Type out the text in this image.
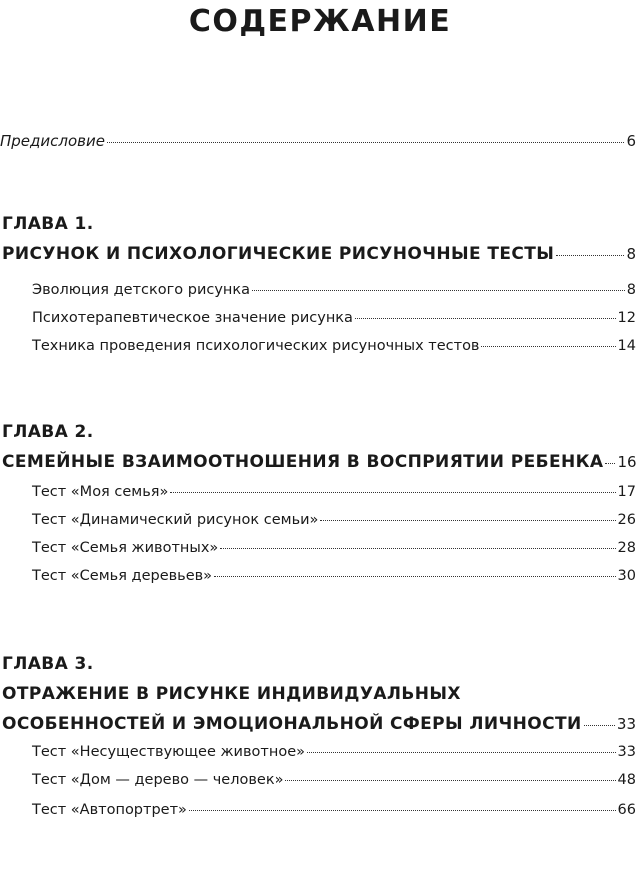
СОДЕРЖАНИЕ
Предисловие	6
ГЛАВА 1.
РИСУНОК И ПСИХОЛОГИЧЕСКИЕ РИСУНОЧНЫЕ ТЕСТЫ	8
Эволюция детского рисунка	8
Психотерапевтическое значение рисунка	12
Техника проведения психологических рисуночных тестов	14
ГЛАВА 2.
СЕМЕЙНЫЕ ВЗАИМООТНОШЕНИЯ В ВОСПРИЯТИИ РЕБЕНКА 16
Тест «Моя семья»	17
Тест «Динамический рисунок семьи»	26
Тест «Семья животных»	28
Тест «Семья деревьев»	30
ГЛАВА 3.
ОТРАЖЕНИЕ В РИСУНКЕ ИНДИВИДУАЛЬНЫХ
ОСОБЕННОСТЕЙ И ЭМОЦИОНАЛЬНОЙ СФЕРЫ ЛИЧНОСТИ 33
Тест «Несуществующее животное»	33
Тест «Дом — дерево — человек»	48
Тест «Автопортрет»	66
